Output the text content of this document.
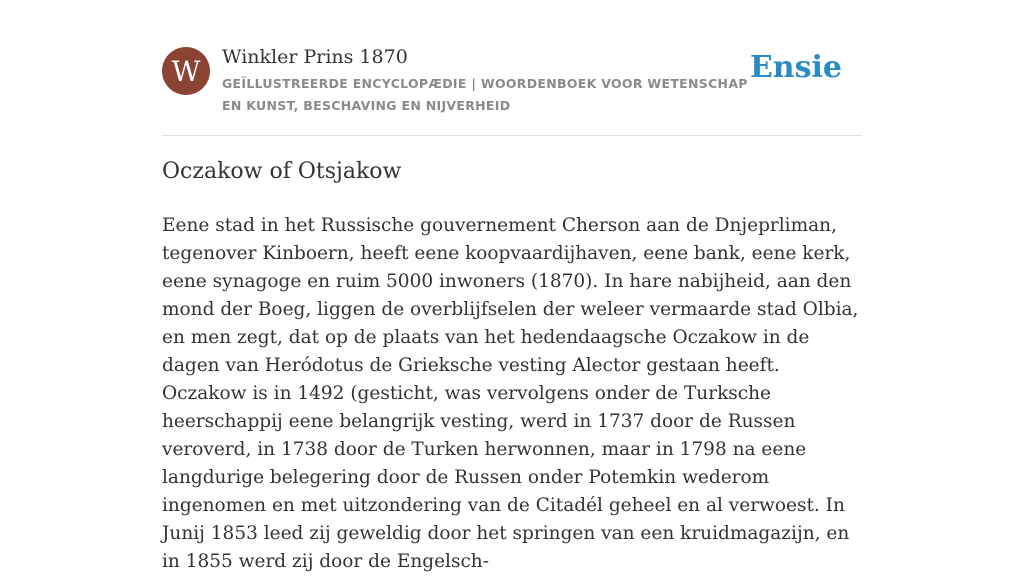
W	Winkler Prins 1870
GEÏLLUSTREERDE ENCYCLOPÆDIE | WOORDENBOEK VOOR WETENSCHAP EN KUNST, BESCHAVING EN NIJVERHEID
Ensie
Oczakow of Otsjakow

Eene stad in het Russische gouvernement Cherson aan de Dnjeprliman, tegenover Kinboern, heeft eene koopvaardijhaven, eene bank, eene kerk, eene synagoge en ruim 5000 inwoners (1870). In hare nabijheid, aan den mond der Boeg, liggen de overblijfselen der weleer vermaarde stad Olbia, en men zegt, dat op de plaats van het hedendaagsche Oczakow in de dagen van Heródotus de Grieksche vesting Alector gestaan heeft. Oczakow is in 1492 (gesticht, was vervolgens onder de Turksche heerschappij eene belangrijk vesting, werd in 1737 door de Russen veroverd, in 1738 door de Turken herwonnen, maar in 1798 na eene langdurige belegering door de Russen onder Potemkin wederom ingenomen en met uitzondering van de Citadél geheel en al verwoest. In Junij 1853 leed zij geweldig door het springen van een kruidmagazijn, en in 1855 werd zij door de Engelsch-
